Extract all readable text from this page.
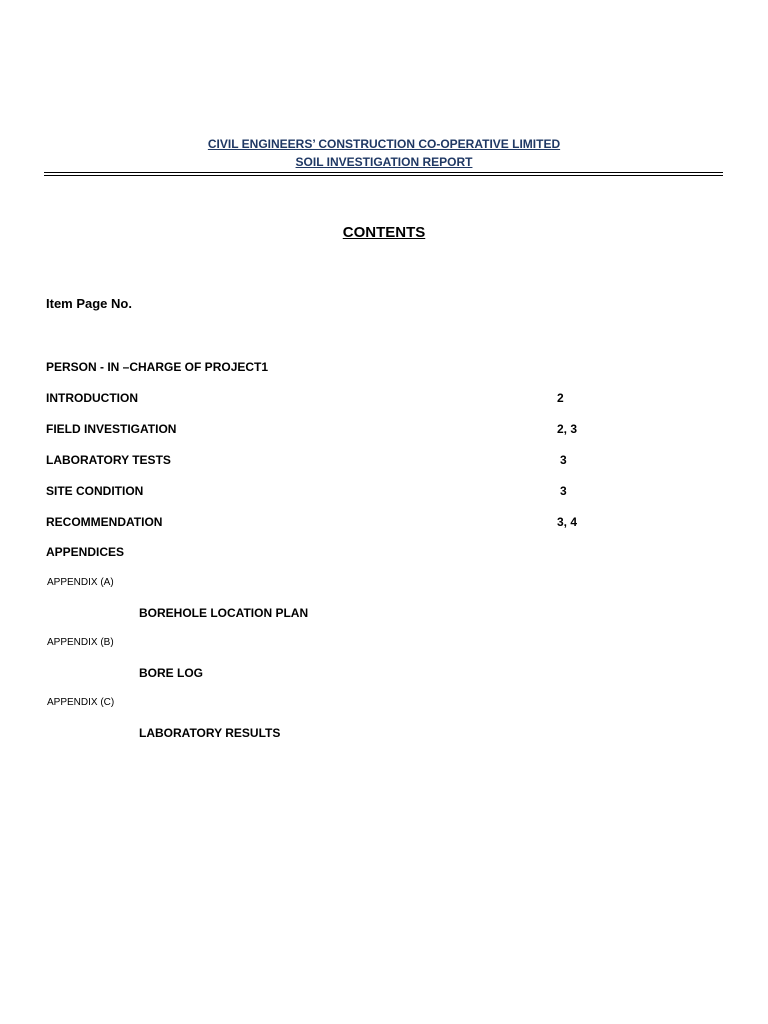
CIVIL ENGINEERS’ CONSTRUCTION CO-OPERATIVE LIMITED
SOIL INVESTIGATION REPORT
CONTENTS
Item Page No.
PERSON - IN –CHARGE OF PROJECT1
INTRODUCTION	2
FIELD INVESTIGATION	2, 3
LABORATORY TESTS	3
SITE CONDITION	3
RECOMMENDATION	3, 4
APPENDICES
APPENDIX (A)
BOREHOLE LOCATION PLAN
APPENDIX (B)
BORE LOG
APPENDIX (C)
LABORATORY RESULTS
